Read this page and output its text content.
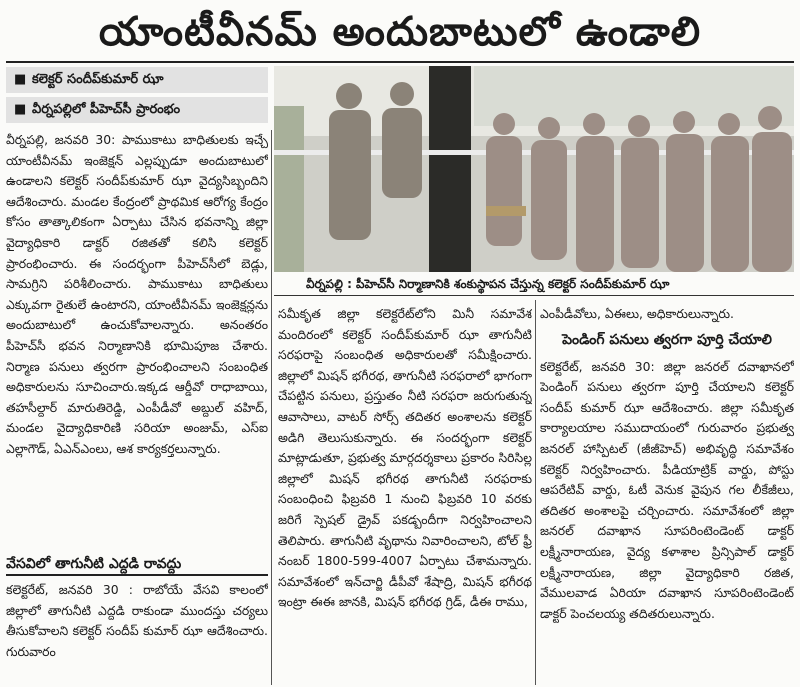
యాంటీవీనమ్ అందుబాటులో ఉండాలి
■ కలెక్టర్ సందీప్‌కుమార్ ఝా
■ వీర్నపల్లిలో పీహెచ్‌సీ ప్రారంభం
వీర్నపల్లి : పీహెచ్‌సీ నిర్మాణానికి శంకుస్థాపన చేస్తున్న కలెక్టర్ సందీప్‌కుమార్ ఝా

వీర్నపల్లి, జనవరి 30: పాముకాటు బాధితులకు ఇచ్చే యాంటీవీనమ్ ఇంజెక్షన్ ఎల్లప్పుడూ అందుబాటులో ఉండాలని కలెక్టర్ సందీప్‌కుమార్ ఝా వైద్యసిబ్బందిని ఆదేశించారు. మండల కేంద్రంలో ప్రాథమిక ఆరోగ్య కేంద్రం కోసం తాత్కాలికంగా ఏర్పాటు చేసిన భవనాన్ని జిల్లా వైద్యాధికారి డాక్టర్ రజితతో కలిసి కలెక్టర్ ప్రారంభించారు. ఈ సందర్భంగా పీహెచ్‌సీలో బెడ్లు, సామగ్రిని పరిశీలించారు. పాముకాటు బాధితులు ఎక్కువగా రైతులే ఉంటారని, యాంటీవీనమ్ ఇంజెక్షన్లను అందుబాటులో ఉంచుకోవాలన్నారు. అనంతరం పీహెచ్‌సీ భవన నిర్మాణానికి భూమిపూజ చేశారు. నిర్మాణ పనులు త్వరగా ప్రారంభించాలని సంబంధిత అధికారులను సూచించారు.ఇక్కడ ఆర్డీవో రాధాబాయి, తహసీల్దార్ మారుతిరెడ్డి, ఎంపీడీవో అబ్దుల్ వహిద్, మండల వైద్యాధికారిణి సరియా అంజుమ్, ఎస్ఐ ఎల్లాగౌడ్, ఏఎన్ఎంలు, ఆశ కార్యకర్తలున్నారు.

వేసవిలో తాగునీటి ఎద్దడి రావద్దు

కలెక్టరేట్, జనవరి 30 : రాబోయే వేసవి కాలంలో జిల్లాలో తాగునీటి ఎద్దడి రాకుండా ముందస్తు చర్యలు తీసుకోవాలని కలెక్టర్ సందీప్ కుమార్ ఝా ఆదేశించారు. గురువారం

సమీకృత జిల్లా కలెక్టరేట్‌లోని మినీ సమావేశ మందిరంలో కలెక్టర్ సందీప్‌కుమార్ ఝా తాగునీటి సరఫరాపై సంబంధిత అధికారులతో సమీక్షించారు. జిల్లాలో మిషన్ భగీరథ, తాగునీటి సరఫరాలో భాగంగా చేపట్టిన పనులు, ప్రస్తుతం నీటి సరఫరా జరుగుతున్న ఆవాసాలు, వాటర్ సోర్స్ తదితర అంశాలను కలెక్టర్ అడిగి తెలుసుకున్నారు. ఈ సందర్భంగా కలెక్టర్ మాట్లాడుతూ, ప్రభుత్వ మార్గదర్శకాలు ప్రకారం సిరిసిల్ల జిల్లాలో మిషన్ భగీరథ తాగునీటి సరఫరాకు సంబంధించి ఫిబ్రవరి 1 నుంచి ఫిబ్రవరి 10 వరకు జరిగే స్పెషల్ డ్రైవ్ పకడ్బందీగా నిర్వహించాలని తెలిపారు. తాగునీటి వృథాను నివారించాలని, టోల్ ఫ్రీ నంబర్ 1800-599-4007 ఏర్పాటు చేశామన్నారు. సమావేశంలో ఇన్‌చార్జి డీపీవో శేషాద్రి, మిషన్ భగీరథ ఇంట్రా ఈఈ జానకి, మిషన్ భగీరథ గ్రిడ్, డీఈ రాము,

ఎంపీడీవోలు, ఏఈలు, అధికారులున్నారు.

పెండింగ్ పనులు త్వరగా పూర్తి చేయాలి

కలెక్టరేట్, జనవరి 30: జిల్లా జనరల్ దవాఖానలో పెండింగ్ పనులు త్వరగా పూర్తి చేయాలని కలెక్టర్ సందీప్ కుమార్ ఝా ఆదేశించారు. జిల్లా సమీకృత కార్యాలయాల సముదాయంలో గురువారం ప్రభుత్వ జనరల్ హాస్పిటల్ (జీజీహెచ్) అభివృద్ధి సమావేశం కలెక్టర్ నిర్వహించారు. పీడియాట్రిక్ వార్డు, పోస్టు ఆపరేటివ్ వార్డు, ఓటీ వెనుక వైపున గల లీకేజీలు, తదితర అంశాలపై చర్చించారు. సమావేశంలో జిల్లా జనరల్ దవాఖాన సూపరింటెండెంట్ డాక్టర్ లక్ష్మీనారాయణ, వైద్య కళాశాల ప్రిన్సిపాల్ డాక్టర్ లక్ష్మీనారాయణ, జిల్లా వైద్యాధికారి రజిత, వేములవాడ ఏరియా దవాఖాన సూపరింటెండెంట్ డాక్టర్ పెంచలయ్య తదితరులున్నారు.
